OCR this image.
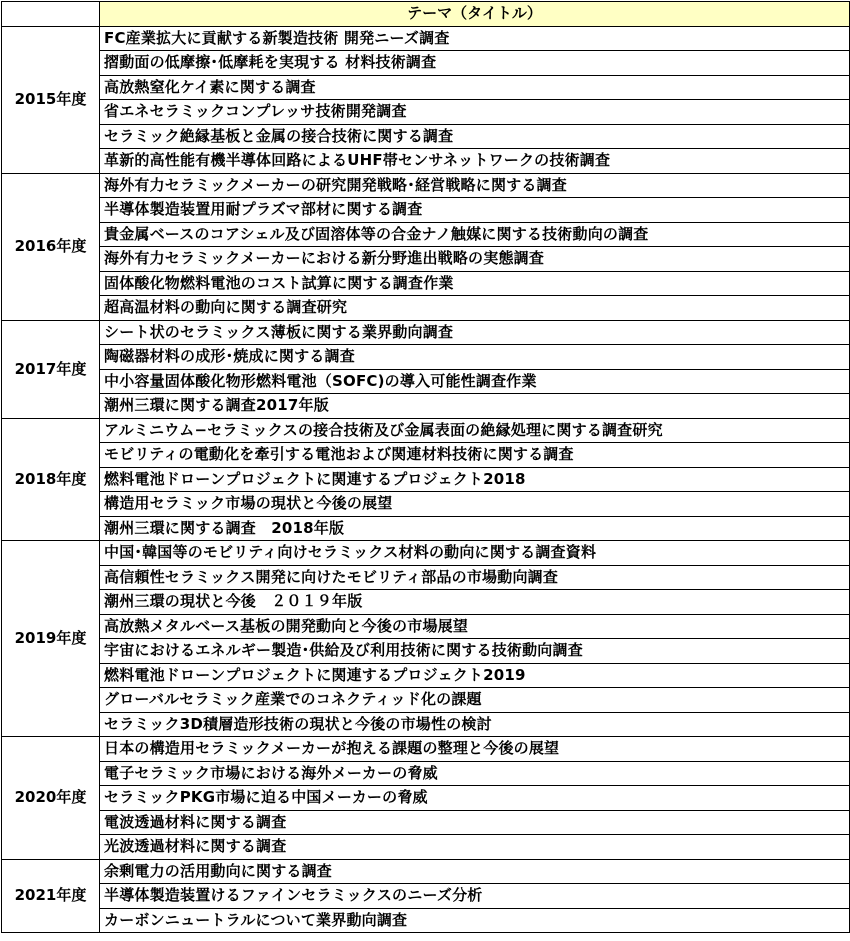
	テーマ（タイトル）
2015年度	FC産業拡大に貢献する新製造技術 開発ニーズ調査
	摺動面の低摩擦･低摩耗を実現する 材料技術調査
	高放熱窒化ケイ素に関する調査
	省エネセラミックコンプレッサ技術開発調査
	セラミック絶縁基板と金属の接合技術に関する調査
	革新的高性能有機半導体回路によるUHF帯センサネットワークの技術調査
2016年度	海外有力セラミックメーカーの研究開発戦略･経営戦略に関する調査
	半導体製造装置用耐プラズマ部材に関する調査
	貴金属ベースのコアシェル及び固溶体等の合金ナノ触媒に関する技術動向の調査
	海外有力セラミックメーカーにおける新分野進出戦略の実態調査
	固体酸化物燃料電池のコスト試算に関する調査作業
	超高温材料の動向に関する調査研究
2017年度	シート状のセラミックス薄板に関する業界動向調査
	陶磁器材料の成形･焼成に関する調査
	中小容量固体酸化物形燃料電池（SOFC)の導入可能性調査作業
	潮州三環に関する調査2017年版
2018年度	アルミニウム−セラミックスの接合技術及び金属表面の絶縁処理に関する調査研究
	モビリティの電動化を牽引する電池および関連材料技術に関する調査
	燃料電池ドローンプロジェクトに関連するプロジェクト2018
	構造用セラミック市場の現状と今後の展望
	潮州三環に関する調査　2018年版
2019年度	中国･韓国等のモビリティ向けセラミックス材料の動向に関する調査資料
	高信頼性セラミックス開発に向けたモビリティ部品の市場動向調査
	潮州三環の現状と今後　２０１９年版
	高放熱メタルベース基板の開発動向と今後の市場展望
	宇宙におけるエネルギー製造･供給及び利用技術に関する技術動向調査
	燃料電池ドローンプロジェクトに関連するプロジェクト2019
	グローバルセラミック産業でのコネクティッド化の課題
	セラミック3D積層造形技術の現状と今後の市場性の検討
2020年度	日本の構造用セラミックメーカーが抱える課題の整理と今後の展望
	電子セラミック市場における海外メーカーの脅威
	セラミックPKG市場に迫る中国メーカーの脅威
	電波透過材料に関する調査
	光波透過材料に関する調査
2021年度	余剰電力の活用動向に関する調査
	半導体製造装置けるファインセラミックスのニーズ分析
	カーボンニュートラルについて業界動向調査
